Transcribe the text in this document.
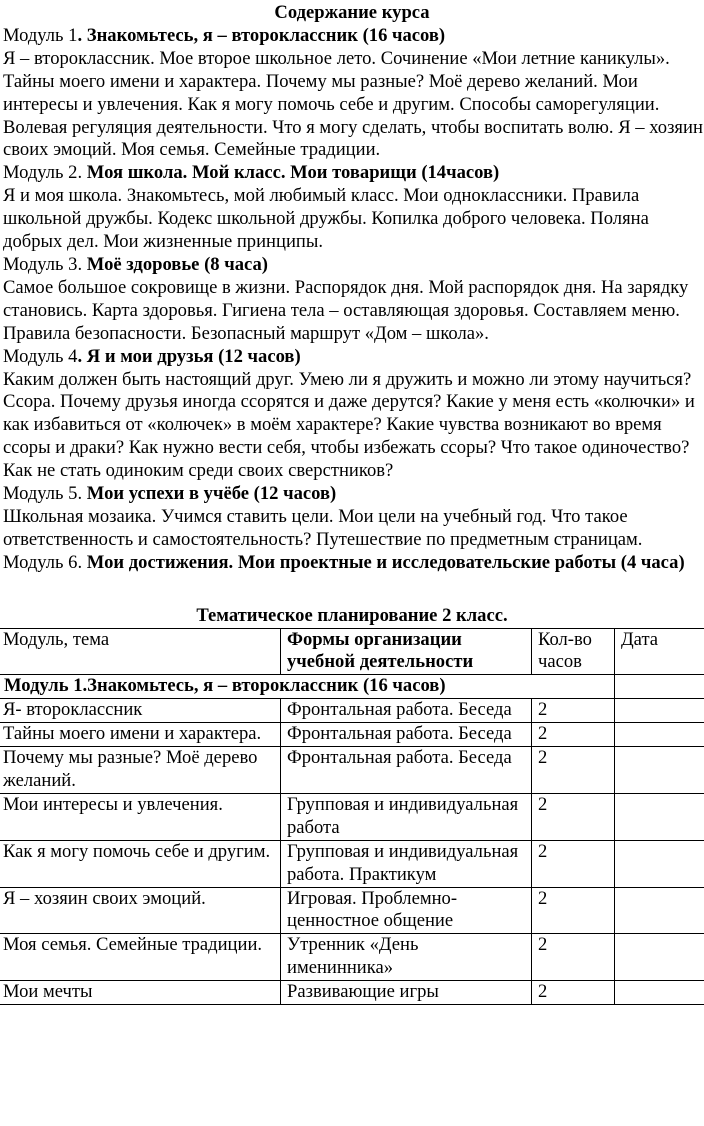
Содержание курса

Модуль 1. Знакомьтесь, я – второклассник (16 часов)

Я – второклассник. Мое второе школьное лето. Сочинение «Мои летние каникулы». Тайны моего имени и характера. Почему мы разные? Моё дерево желаний. Мои интересы и увлечения. Как я могу помочь себе и другим. Способы саморегуляции. Волевая регуляция деятельности. Что я могу сделать, чтобы воспитать волю. Я – хозяин своих эмоций. Моя семья. Семейные традиции.

Модуль 2. Моя школа. Мой класс. Мои товарищи (14часов)

Я и моя школа. Знакомьтесь, мой любимый класс. Мои одноклассники. Правила школьной дружбы. Кодекс школьной дружбы. Копилка доброго человека. Поляна добрых дел. Мои жизненные принципы.

Модуль 3. Моё здоровье (8 часа)

Самое большое сокровище в жизни. Распорядок дня. Мой распорядок дня. На зарядку становись. Карта здоровья. Гигиена тела – оставляющая здоровья. Составляем меню. Правила безопасности. Безопасный маршрут «Дом – школа».

Модуль 4. Я и мои друзья (12 часов)

Каким должен быть настоящий друг. Умею ли я дружить и можно ли этому научиться? Ссора. Почему друзья иногда ссорятся и даже дерутся? Какие у меня есть «колючки» и как избавиться от «колючек» в моём характере? Какие чувства возникают во время ссоры и драки? Как нужно вести себя, чтобы избежать ссоры? Что такое одиночество? Как не стать одиноким среди своих сверстников?

Модуль 5. Мои успехи в учёбе (12 часов)

Школьная мозаика. Учимся ставить цели. Мои цели на учебный год. Что такое ответственность и самостоятельность? Путешествие по предметным страницам.

Модуль 6. Мои достижения. Мои проектные и исследовательские работы (4 часа)

Тематическое планирование 2 класс.

	Модуль, тема	Формы организации учебной деятельности	Кол-во часов	Дата
Модуль 1.Знакомьтесь, я – второклассник (16 часов)			
	Я- второклассник	Фронтальная работа. Беседа	2	
	Тайны моего имени и характера.	Фронтальная работа. Беседа	2	
	Почему мы разные? Моё дерево желаний.	Фронтальная работа. Беседа	2	
	Мои интересы и увлечения.	Групповая и индивидуальная работа	2	
	Как я могу помочь себе и другим.	Групповая и индивидуальная работа. Практикум	2	
	Я – хозяин своих эмоций.	Игровая. Проблемно-ценностное общение	2	
	Моя семья. Семейные традиции.	Утренник «День именинника»	2	
	Мои мечты	Развивающие игры	2	
